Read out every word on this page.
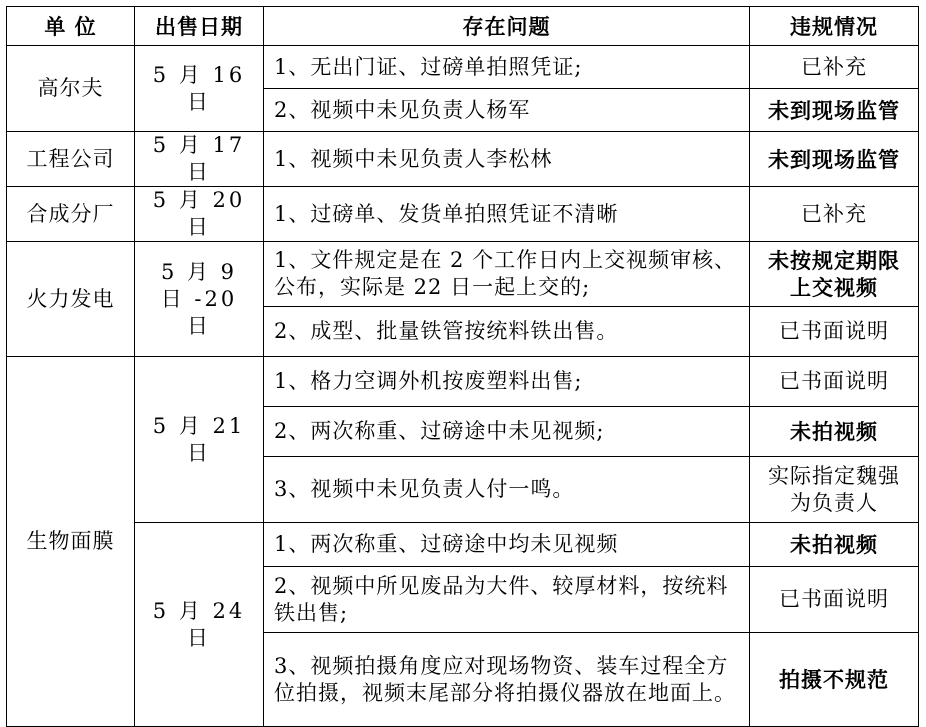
单 位	出售日期	存在问题	违规情况
高尔夫	5 月 16 日	1、无出门证、过磅单拍照凭证;	已补充
		2、视频中未见负责人杨军	未到现场监管
工程公司	5 月 17 日	1、视频中未见负责人李松林	未到现场监管
合成分厂	5 月 20 日	1、过磅单、发货单拍照凭证不清晰	已补充
火力发电	5 月 9 日 -20 日	1、文件规定是在 2 个工作日内上交视频审核、公布，实际是 22 日一起上交的;	未按规定期限上交视频
		2、成型、批量铁管按统料铁出售。	已书面说明
生物面膜	5 月 21 日	1、格力空调外机按废塑料出售;	已书面说明
		2、两次称重、过磅途中未见视频;	未拍视频
		3、视频中未见负责人付一鸣。	实际指定魏强为负责人
	5 月 24 日	1、两次称重、过磅途中均未见视频	未拍视频
		2、视频中所见废品为大件、较厚材料，按统料铁出售;	已书面说明
		3、视频拍摄角度应对现场物资、装车过程全方位拍摄，视频末尾部分将拍摄仪器放在地面上。	拍摄不规范
